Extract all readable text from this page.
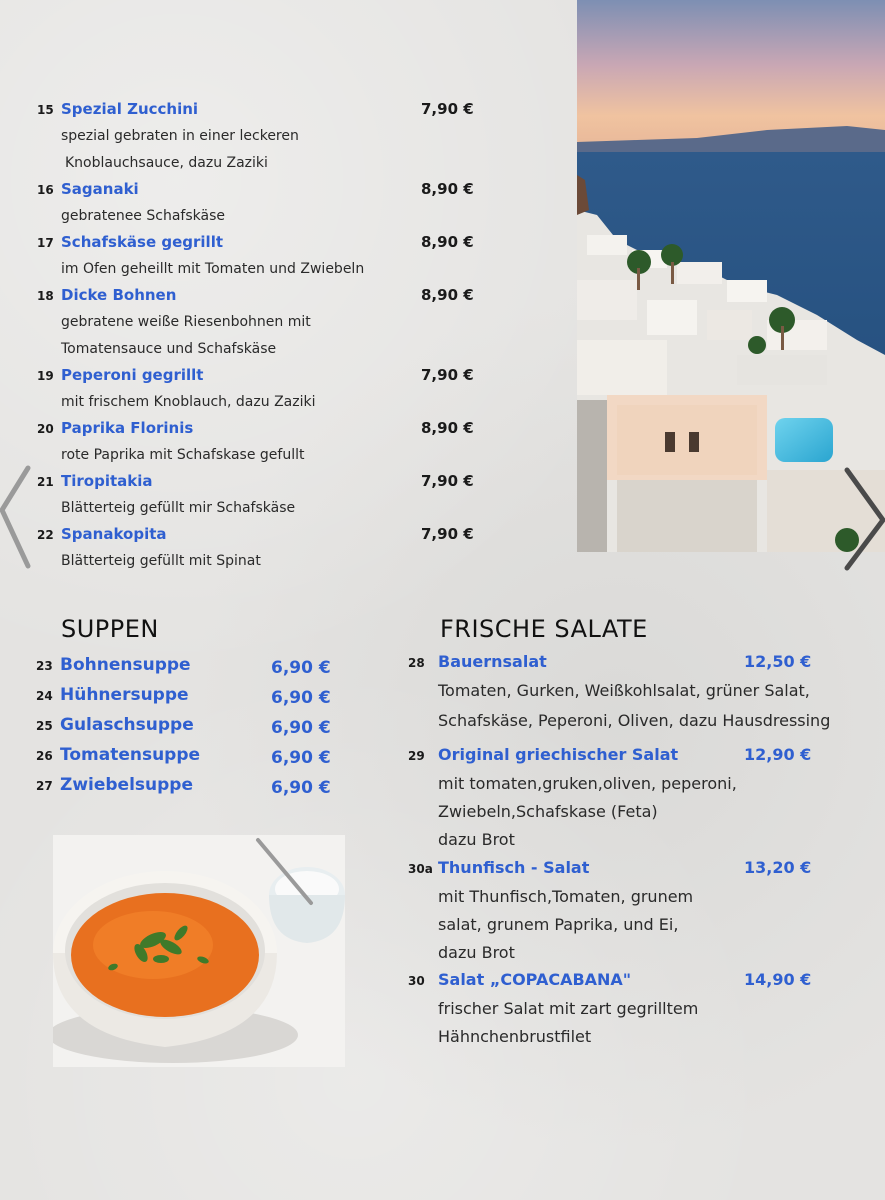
15 Spezial Zucchini	7,90 €
spezial gebraten in einer leckeren
Knoblauchsauce, dazu Zaziki
16 Saganaki	8,90 €
gebratenee Schafskäse
17 Schafskäse gegrillt	8,90 €
im Ofen geheillt mit Tomaten und Zwiebeln
18 Dicke Bohnen	8,90 €
gebratene weiße Riesenbohnen mit
Tomatensauce und Schafskäse
19 Peperoni gegrillt	7,90 €
mit frischem Knoblauch, dazu Zaziki
20 Paprika Florinis	8,90 €
rote Paprika mit Schafskase gefullt
21 Tiropitakia	7,90 €
Blätterteig gefüllt mir Schafskäse
22 Spanakopita	7,90 €
Blätterteig gefüllt mit Spinat
SUPPEN
23 Bohnensuppe	6,90 €
24 Hühnersuppe	6,90 €
25 Gulaschsuppe	6,90 €
26 Tomatensuppe	6,90 €
27 Zwiebelsuppe	6,90 €
FRISCHE SALATE
28 Bauernsalat	12,50 €
Tomaten, Gurken, Weißkohlsalat, grüner Salat,
Schafskäse, Peperoni, Oliven, dazu Hausdressing
29 Original griechischer Salat	12,90 €
mit tomaten,gruken,oliven, peperoni,
Zwiebeln,Schafskase (Feta)
dazu Brot
30a Thunfisch - Salat	13,20 €
mit Thunfisch,Tomaten, grunem
salat, grunem Paprika, und Ei,
dazu Brot
30 Salat „COPACABANA"	14,90 €
frischer Salat mit zart gegrilltem
Hähnchenbrustfilet
